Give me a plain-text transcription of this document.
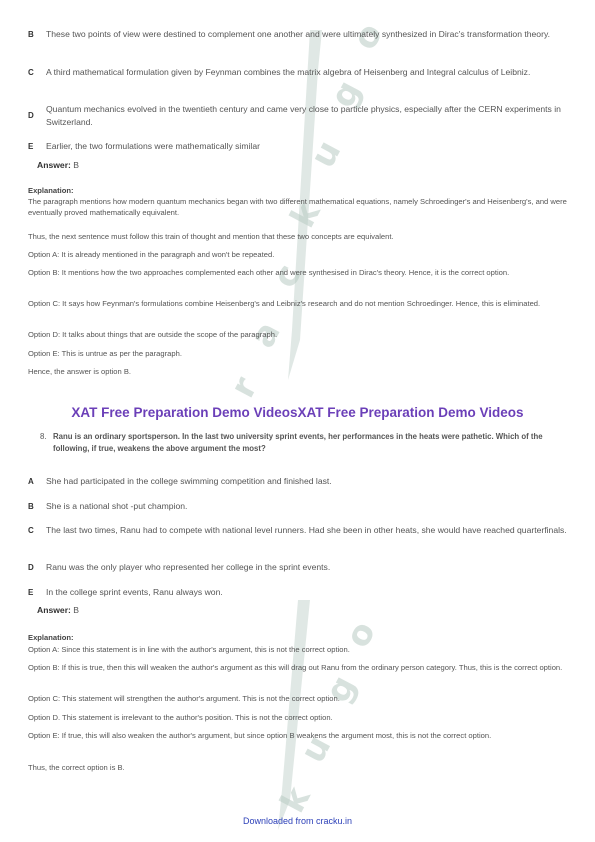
o
g
u
k
c
a
r
o
g
u
k
B	These two points of view were destined to complement one another and were ultimately synthesized in Dirac's transformation theory.
C	A third mathematical formulation given by Feynman combines the matrix algebra of Heisenberg and Integral calculus of Leibniz.
D
Quantum mechanics evolved in the twentieth century and came very close to particle physics, especially after the CERN experiments in Switzerland.
E	Earlier, the two formulations were mathematically similar
Answer: B
Explanation:
The paragraph mentions how modern quantum mechanics began with two different mathematical equations, namely Schroedinger's and Heisenberg's, and were eventually proved mathematically equivalent.
Thus, the next sentence must follow this train of thought and mention that these two concepts are equivalent.
Option A: It is already mentioned in the paragraph and won't be repeated.
Option B: It mentions how the two approaches complemented each other and were synthesised in Dirac's theory. Hence, it is the correct option.
Option C: It says how Feynman's formulations combine Heisenberg's and Leibniz's research and do not mention Schroedinger. Hence, this is eliminated.
Option D: It talks about things that are outside the scope of the paragraph.
Option E: This is untrue as per the paragraph.
Hence, the answer is option B.
XAT Free Preparation Demo VideosXAT Free Preparation Demo Videos
8. Ranu is an ordinary sportsperson. In the last two university sprint events, her performances in the heats were pathetic. Which of the following, if true, weakens the above argument the most?
A	She had participated in the college swimming competition and finished last.
B	She is a national shot -put champion.
C	The last two times, Ranu had to compete with national level runners. Had she been in other heats, she would have reached quarterfinals.
D	Ranu was the only player who represented her college in the sprint events.
E	In the college sprint events, Ranu always won.
Answer: B
Explanation:
Option A: Since this statement is in line with the author's argument, this is not the correct option.
Option B: If this is true, then this will weaken the author's argument as this will drag out Ranu from the ordinary person category. Thus, this is the correct option.
Option C: This statement will strengthen the author's argument. This is not the correct option.
Option D. This statement is irrelevant to the author's position. This is not the correct option.
Option E: If true, this will also weaken the author's argument, but since option B weakens the argument most, this is not the correct option.
Thus, the correct option is B.
Downloaded from cracku.in
